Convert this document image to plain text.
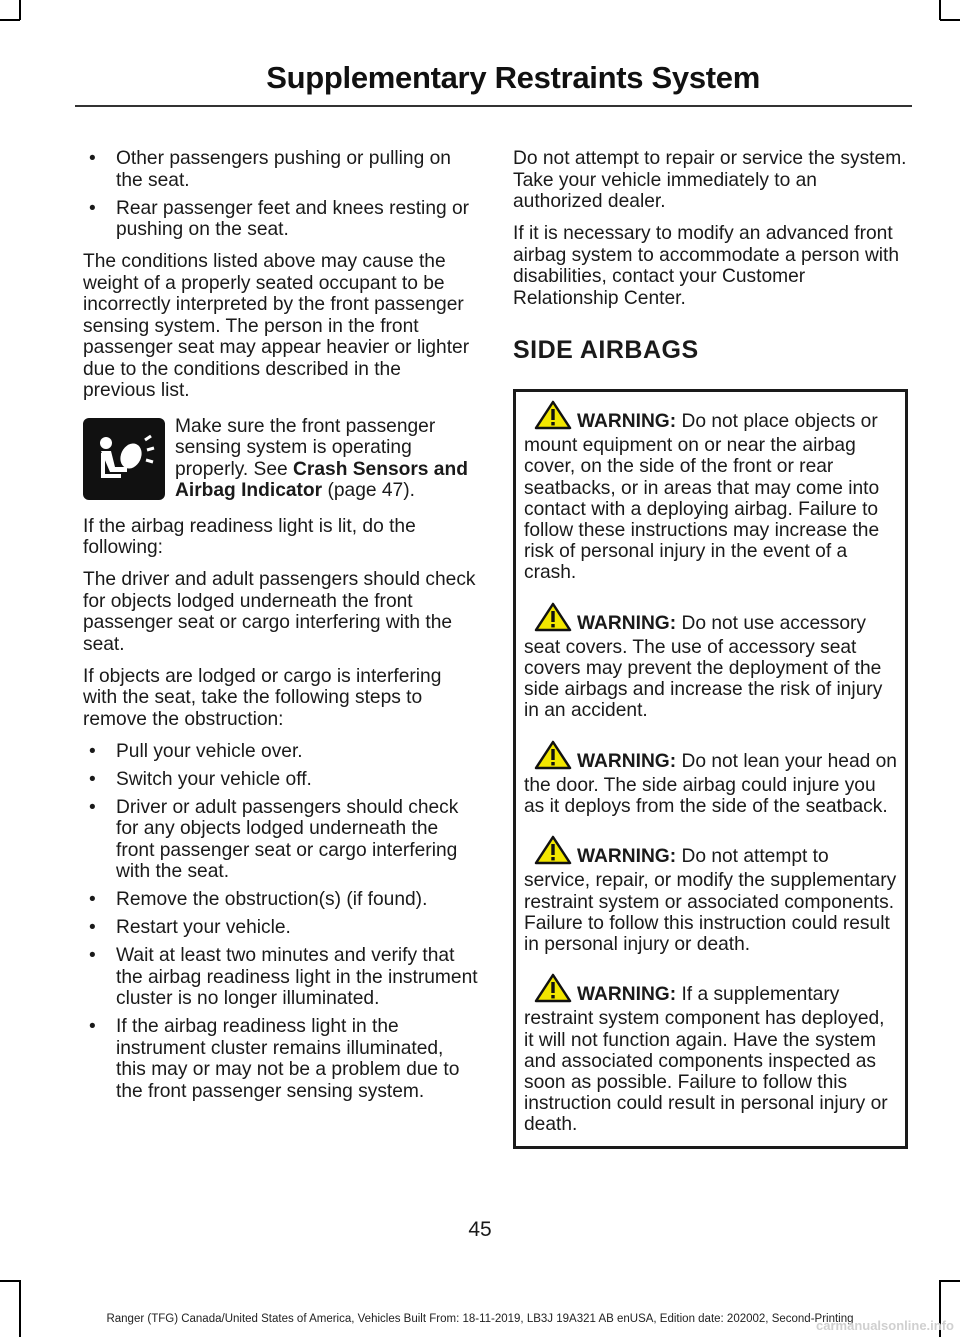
Supplementary Restraints System
• Other passengers pushing or pulling on the seat.
• Rear passenger feet and knees resting or pushing on the seat.

The conditions listed above may cause the weight of a properly seated occupant to be incorrectly interpreted by the front passenger sensing system. The person in the front passenger seat may appear heavier or lighter due to the conditions described in the previous list.

Make sure the front passenger sensing system is operating properly. See Crash Sensors and Airbag Indicator (page 47).

If the airbag readiness light is lit, do the following:

The driver and adult passengers should check for objects lodged underneath the front passenger seat or cargo interfering with the seat.

If objects are lodged or cargo is interfering with the seat, take the following steps to remove the obstruction:

• Pull your vehicle over.
• Switch your vehicle off.
• Driver or adult passengers should check for any objects lodged underneath the front passenger seat or cargo interfering with the seat.
• Remove the obstruction(s) (if found).
• Restart your vehicle.
• Wait at least two minutes and verify that the airbag readiness light in the instrument cluster is no longer illuminated.
• If the airbag readiness light in the instrument cluster remains illuminated, this may or may not be a problem due to the front passenger sensing system.

Do not attempt to repair or service the system. Take your vehicle immediately to an authorized dealer.

If it is necessary to modify an advanced front airbag system to accommodate a person with disabilities, contact your Customer Relationship Center.

SIDE AIRBAGS

WARNING: Do not place objects or mount equipment on or near the airbag cover, on the side of the front or rear seatbacks, or in areas that may come into contact with a deploying airbag. Failure to follow these instructions may increase the risk of personal injury in the event of a crash.

WARNING: Do not use accessory seat covers. The use of accessory seat covers may prevent the deployment of the side airbags and increase the risk of injury in an accident.

WARNING: Do not lean your head on the door. The side airbag could injure you as it deploys from the side of the seatback.

WARNING: Do not attempt to service, repair, or modify the supplementary restraint system or associated components. Failure to follow this instruction could result in personal injury or death.

WARNING: If a supplementary restraint system component has deployed, it will not function again. Have the system and associated components inspected as soon as possible. Failure to follow this instruction could result in personal injury or death.

45
Ranger (TFG) Canada/United States of America, Vehicles Built From: 18-11-2019, LB3J 19A321 AB enUSA, Edition date: 202002, Second-Printing
carmanualsonline.info
